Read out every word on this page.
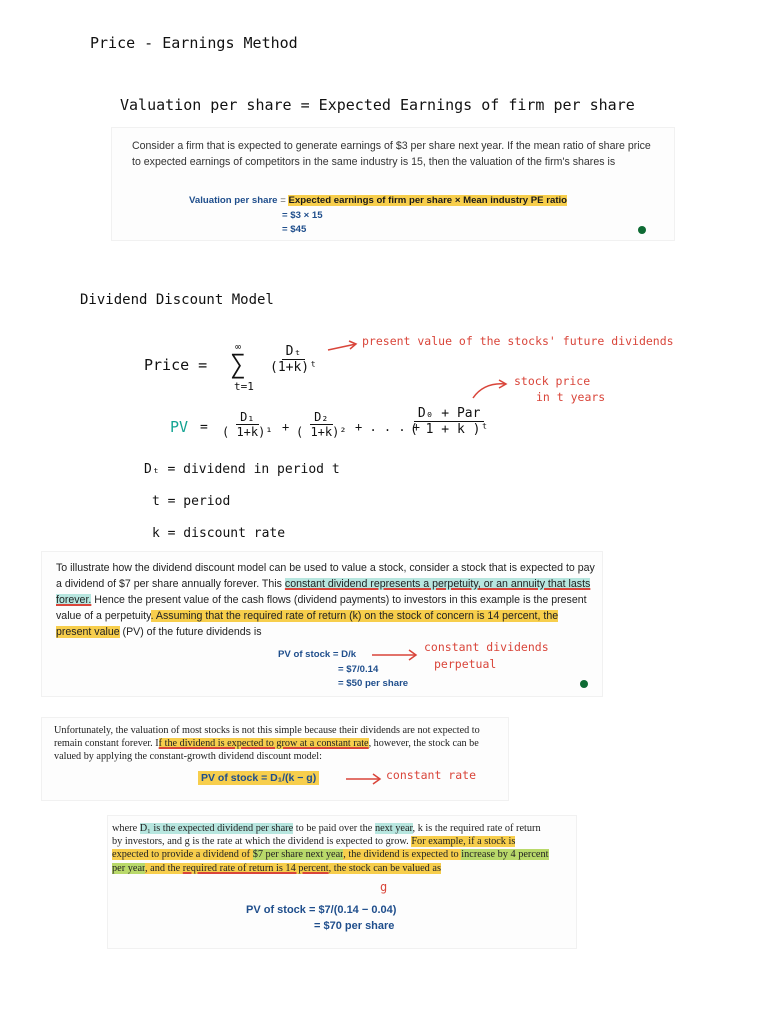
Price - Earnings Method
Valuation per share = Expected Earnings of firm per share

Consider a firm that is expected to generate earnings of $3 per share next year. If the mean ratio of share price to expected earnings of competitors in the same industry is 15, then the valuation of the firm's shares is

Valuation per share = Expected earnings of firm per share × Mean industry PE ratio
= $3 × 15
= $45
Dividend Discount Model
Price =
∞
∑
t=1
$\frac{\text{Dₜ}}{\text{(1+k)ᵗ}}$
present value of the stocks' future dividends
stock price
in t years
PV = $\frac{\text{D₁}}{\text{( 1+k)¹}} + \frac{\text{D₂}}{\text{( 1+k)²}}$ + . . . +
D₀ + Par
( 1 + k )ᵗ
Dₜ = dividend in period t
t = period
k = discount rate

To illustrate how the dividend discount model can be used to value a stock, consider a stock that is expected to pay a dividend of $7 per share annually forever. This constant dividend represents a perpetuity, or an annuity that lasts forever. Hence the present value of the cash flows (dividend payments) to investors in this example is the present value of a perpetuity. Assuming that the required rate of return (k) on the stock of concern is 14 percent, the present value (PV) of the future dividends is

PV of stock = D/k
= $7/0.14
= $50 per share
constant dividends
perpetual

Unfortunately, the valuation of most stocks is not this simple because their dividends are not expected to remain constant forever. If the dividend is expected to grow at a constant rate, however, the stock can be valued by applying the constant-growth dividend discount model:

PV of stock = D₁/(k − g)	constant rate

where D₁ is the expected dividend per share to be paid over the next year, k is the required rate of return by investors, and g is the rate at which the dividend is expected to grow. For example, if a stock is expected to provide a dividend of $7 per share next year, the dividend is expected to increase by 4 percent per year, and the required rate of return is 14 percent, the stock can be valued as

g
PV of stock = $7/(0.14 − 0.04)
= $70 per share
